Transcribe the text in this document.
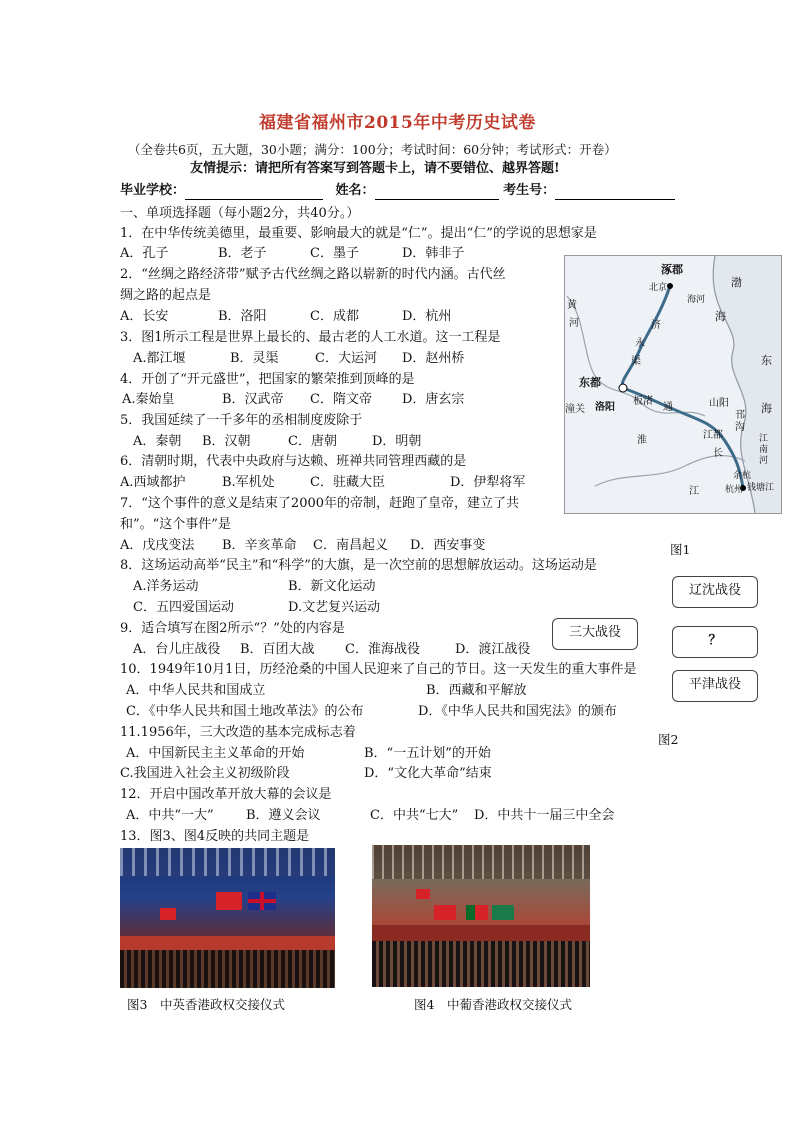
福建省福州市2015年中考历史试卷
（全卷共6页，五大题，30小题；满分：100分；考试时间：60分钟；考试形式：开卷）
友情提示：请把所有答案写到答题卡上，请不要错位、越界答题!
毕业学校：	姓名：	考生号：
一、单项选择题（每小题2分，共40分。）
1．在中华传统美德里，最重要、影响最大的就是“仁”。提出“仁”的学说的思想家是
A．孔子	B．老子	C．墨子	D．韩非子
2．“丝绸之路经济带”赋予古代丝绸之路以崭新的时代内涵。古代丝
绸之路的起点是
A．长安	B．洛阳	C．成都	D．杭州
3．图1所示工程是世界上最长的、最古老的人工水道。这一工程是
A.都江堰	B．灵渠	C．大运河 D．赵州桥
4．开创了“开元盛世”，把国家的繁荣推到顶峰的是
A.秦始皇	B．汉武帝 C．隋文帝 D．唐玄宗
5．我国延续了一千多年的丞相制度废除于
A．秦朝 B．汉朝	C．唐朝	D．明朝
6．清朝时期，代表中央政府与达赖、班禅共同管理西藏的是
A.西域都护	B.军机处	C．驻藏大臣	D．伊犁将军
7．“这个事件的意义是结束了2000年的帝制，赶跑了皇帝，建立了共
和”。“这个事件”是
A．戊戌变法 B．辛亥革命 C．南昌起义 D．西安事变
8．这场运动高举“民主”和“科学”的大旗，是一次空前的思想解放运动。这场运动是
A.洋务运动	B．新文化运动
C．五四爱国运动	D.文艺复兴运动
9．适合填写在图2所示“？”处的内容是
A．台儿庄战役 B．百团大战 C．淮海战役	D．渡江战役
10．1949年10月1日，历经沧桑的中国人民迎来了自己的节日。这一天发生的重大事件是
A．中华人民共和国成立	B．西藏和平解放
C．《中华人民共和国土地改革法》的公布	D．《中华人民共和国宪法》的颁布
11.1956年，三大改造的基本完成标志着
A．中国新民主主义革命的开始	B．“一五计划”的开始
C.我国进入社会主义初级阶段	D．“文化大革命”结束
12．开启中国改革开放大幕的会议是
A．中共“一大” B．遵义会议	C．中共“七大” D．中共十一届三中全会
13．图3、图4反映的共同主题是
涿郡
北京
海河
渤
海
东都
洛阳
板渚
济
渠
永
黄
山阳
邗
沟
江都
长
江
江南河
余杭
杭州 钱塘江
通
淮
东
海
潼关
河
图1
三大战役
辽沈战役
？
平津战役
图2
图3　中英香港政权交接仪式	图4　中葡香港政权交接仪式
